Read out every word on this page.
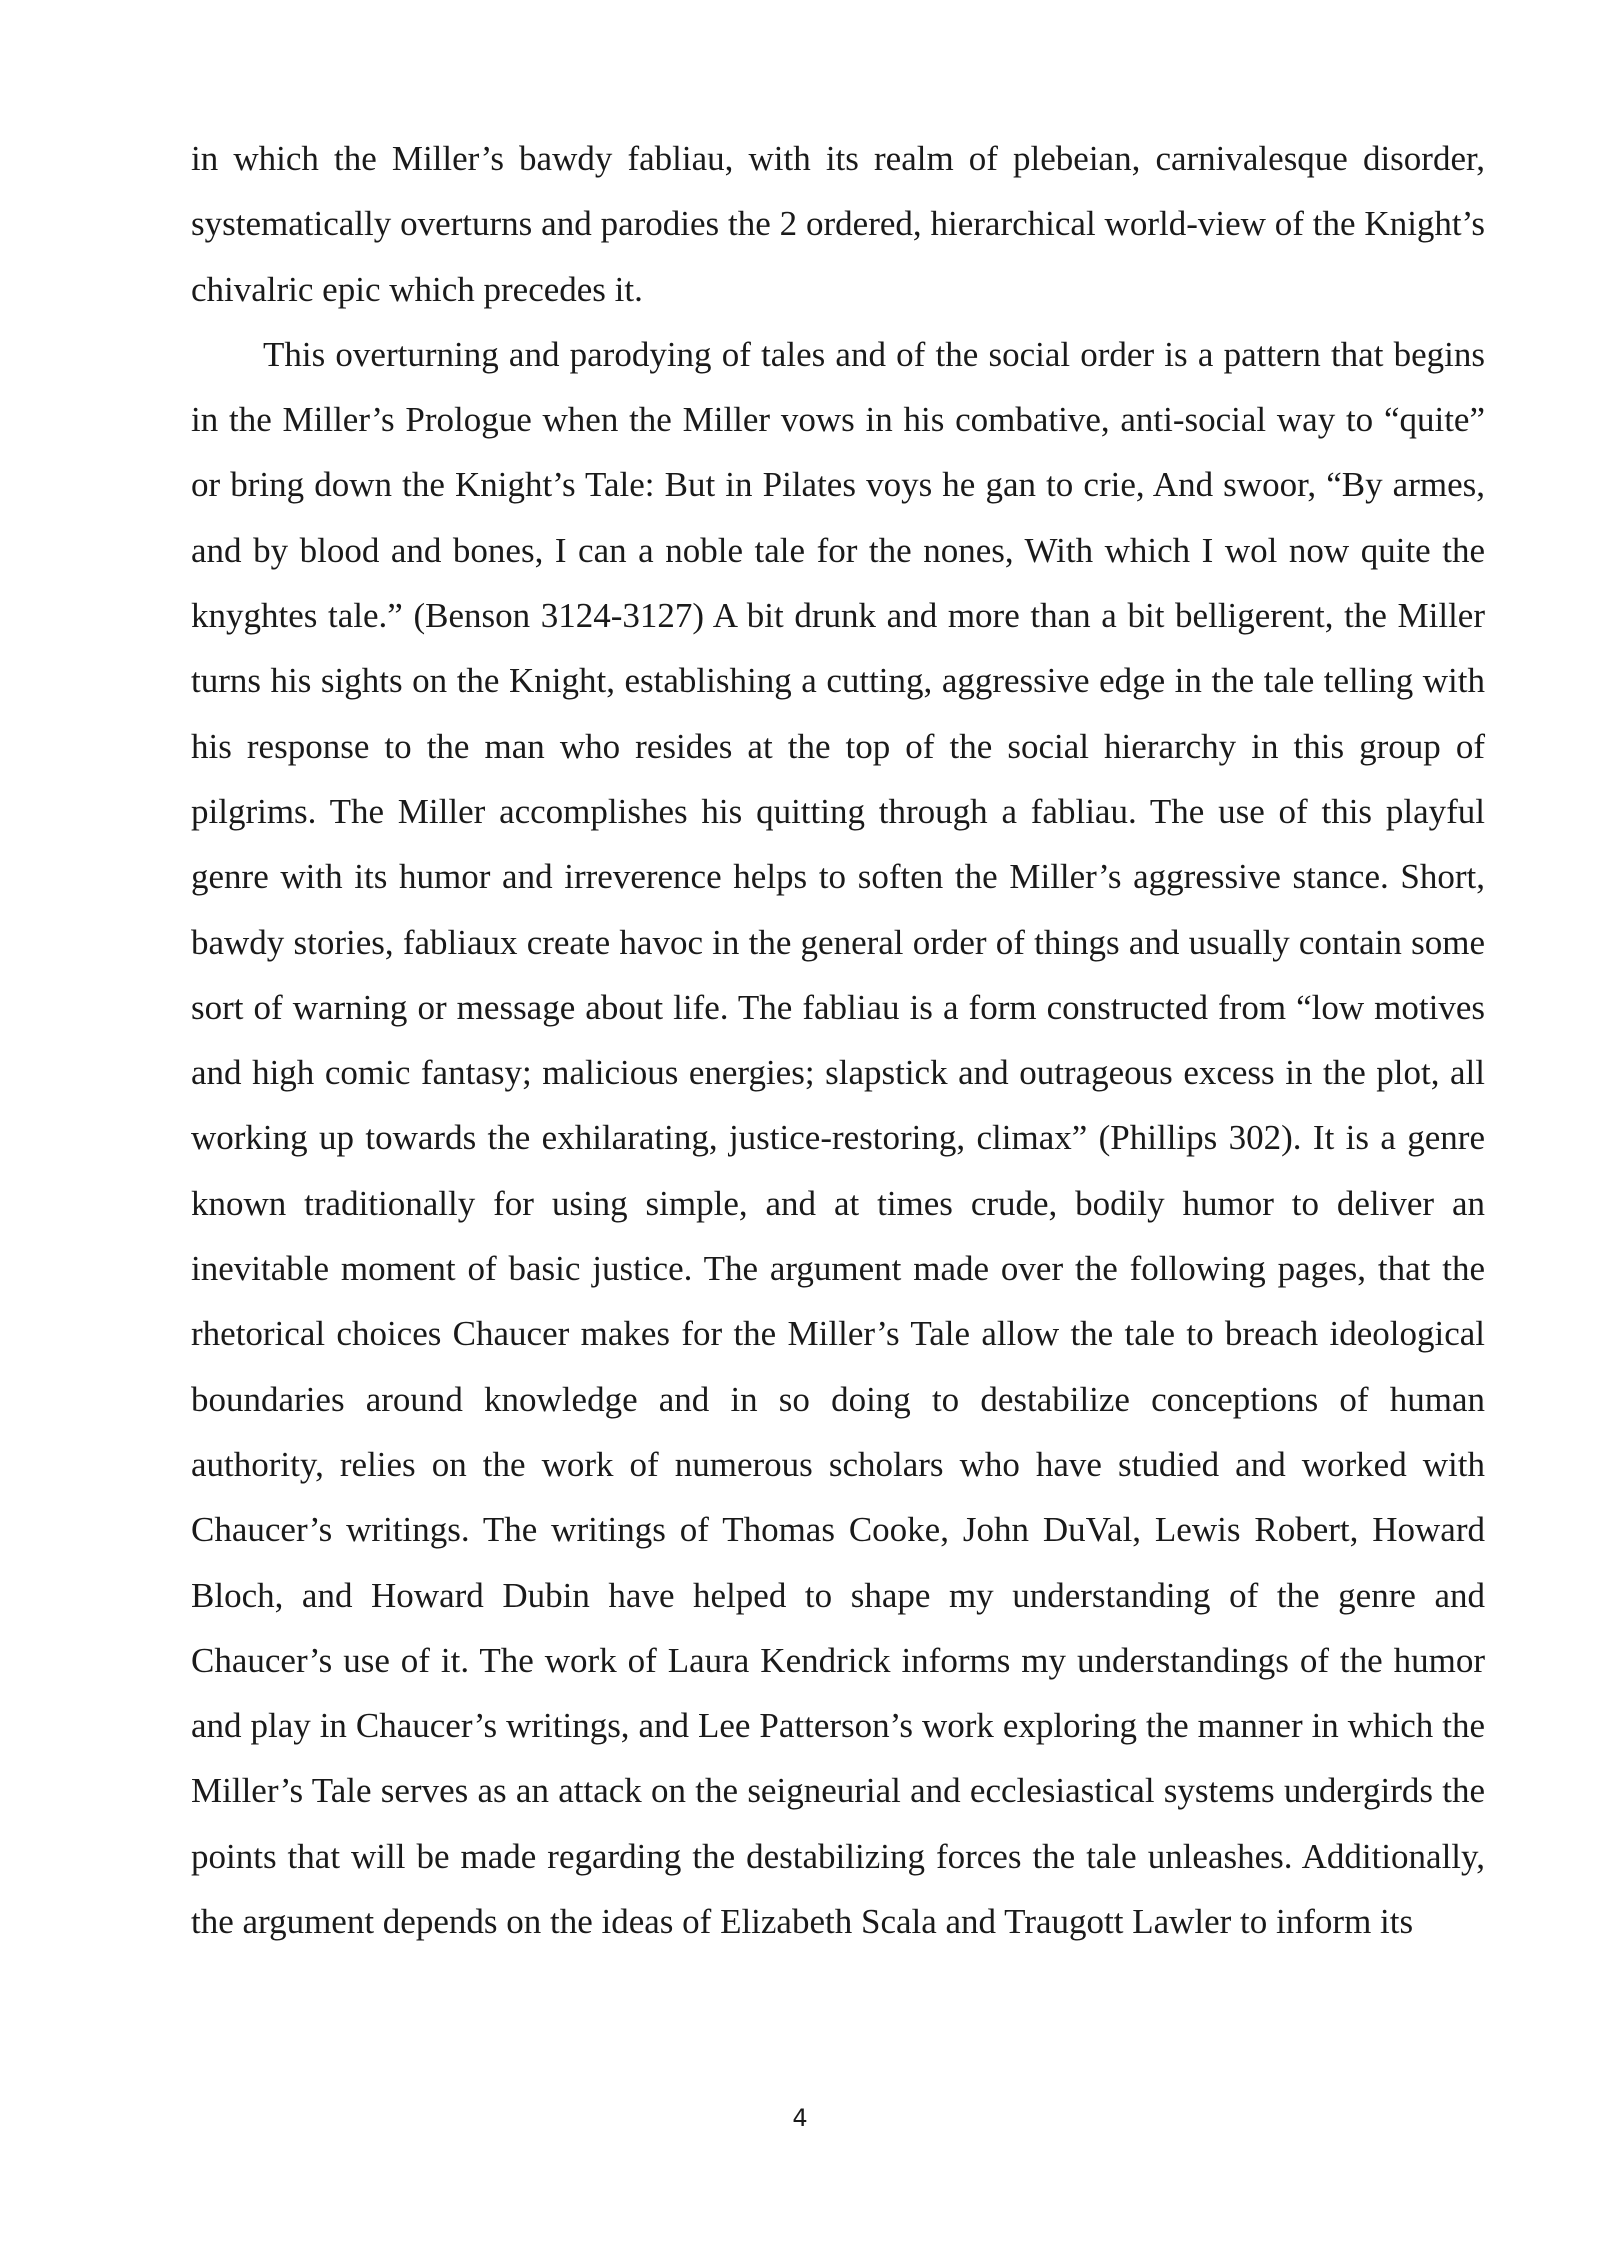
in which the Miller’s bawdy fabliau, with its realm of plebeian, carnivalesque disorder, systematically overturns and parodies the 2 ordered, hierarchical world-view of the Knight’s chivalric epic which precedes it.

This overturning and parodying of tales and of the social order is a pattern that begins in the Miller’s Prologue when the Miller vows in his combative, anti-social way to “quite” or bring down the Knight’s Tale: But in Pilates voys he gan to crie, And swoor, “By armes, and by blood and bones, I can a noble tale for the nones, With which I wol now quite the knyghtes tale.” (Benson 3124-3127) A bit drunk and more than a bit belligerent, the Miller turns his sights on the Knight, establishing a cutting, aggressive edge in the tale telling with his response to the man who resides at the top of the social hierarchy in this group of pilgrims. The Miller accomplishes his quitting through a fabliau. The use of this playful genre with its humor and irreverence helps to soften the Miller’s aggressive stance. Short, bawdy stories, fabliaux create havoc in the general order of things and usually contain some sort of warning or message about life. The fabliau is a form constructed from “low motives and high comic fantasy; malicious energies; slapstick and outrageous excess in the plot, all working up towards the exhilarating, justice-restoring, climax” (Phillips 302). It is a genre known traditionally for using simple, and at times crude, bodily humor to deliver an inevitable moment of basic justice. The argument made over the following pages, that the rhetorical choices Chaucer makes for the Miller’s Tale allow the tale to breach ideological boundaries around knowledge and in so doing to destabilize conceptions of human authority, relies on the work of numerous scholars who have studied and worked with Chaucer’s writings. The writings of Thomas Cooke, John DuVal, Lewis Robert, Howard Bloch, and Howard Dubin have helped to shape my understanding of the genre and Chaucer’s use of it. The work of Laura Kendrick informs my understandings of the humor and play in Chaucer’s writings, and Lee Patterson’s work exploring the manner in which the Miller’s Tale serves as an attack on the seigneurial and ecclesiastical systems undergirds the points that will be made regarding the destabilizing forces the tale unleashes. Additionally, the argument depends on the ideas of Elizabeth Scala and Traugott Lawler to inform its

4
